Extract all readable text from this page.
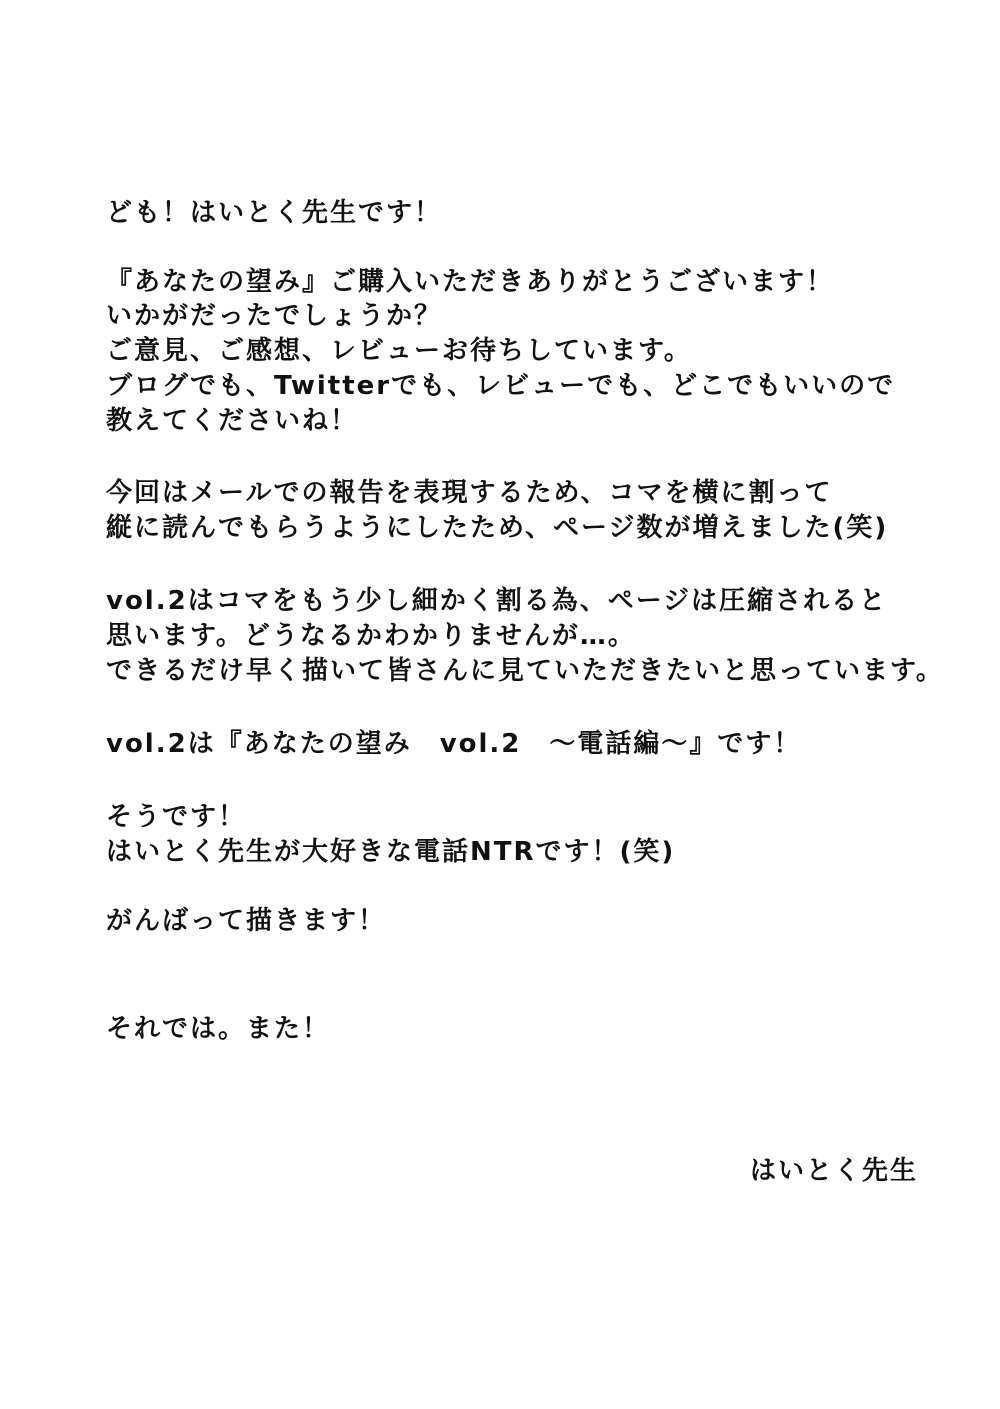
ども！はいとく先生です！
『あなたの望み』ご購入いただきありがとうございます！
いかがだったでしょうか？
ご意見、ご感想、レビューお待ちしています。
ブログでも、Twitterでも、レビューでも、どこでもいいので
教えてくださいね！
今回はメールでの報告を表現するため、コマを横に割って
縦に読んでもらうようにしたため、ページ数が増えました(笑)
vol.2はコマをもう少し細かく割る為、ページは圧縮されると
思います。どうなるかわかりませんが…。
できるだけ早く描いて皆さんに見ていただきたいと思っています。
vol.2は『あなたの望み　vol.2　～電話編～』です！
そうです！
はいとく先生が大好きな電話NTRです！(笑)
がんばって描きます！
それでは。また！
はいとく先生
